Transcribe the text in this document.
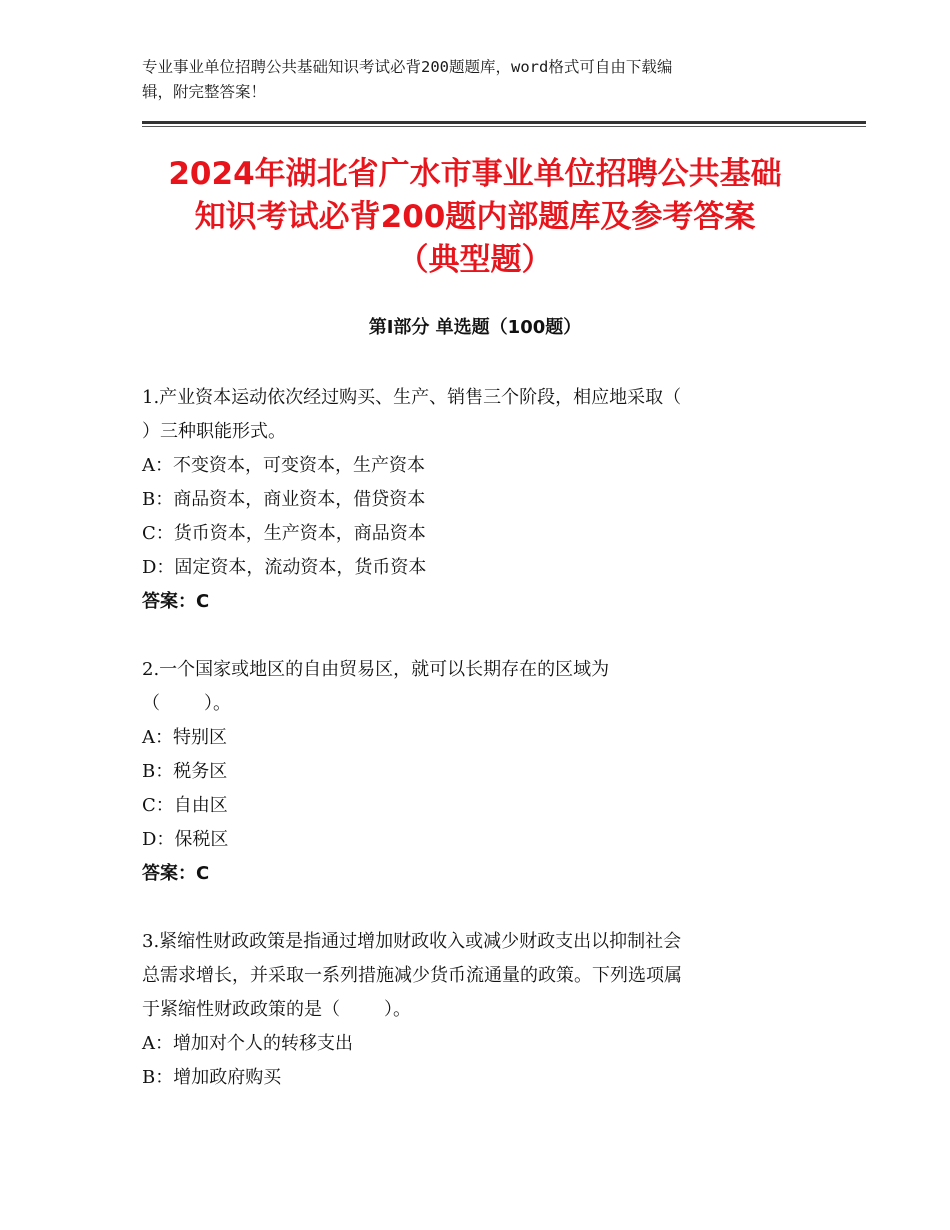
专业事业单位招聘公共基础知识考试必背200题题库，word格式可自由下载编
辑，附完整答案！
2024年湖北省广水市事业单位招聘公共基础
知识考试必背200题内部题库及参考答案
（典型题）
第Ⅰ部分 单选题（100题）

1.产业资本运动依次经过购买、生产、销售三个阶段，相应地采取（
）三种职能形式。

A：不变资本，可变资本，生产资本

B：商品资本，商业资本，借贷资本

C：货币资本，生产资本，商品资本

D：固定资本，流动资本，货币资本

答案：C

2.一个国家或地区的自由贸易区，就可以长期存在的区域为
（ ）。

A：特别区

B：税务区

C：自由区

D：保税区

答案：C

3.紧缩性财政政策是指通过增加财政收入或减少财政支出以抑制社会
总需求增长，并采取一系列措施减少货币流通量的政策。下列选项属
于紧缩性财政政策的是（ ）。

A：增加对个人的转移支出

B：增加政府购买
